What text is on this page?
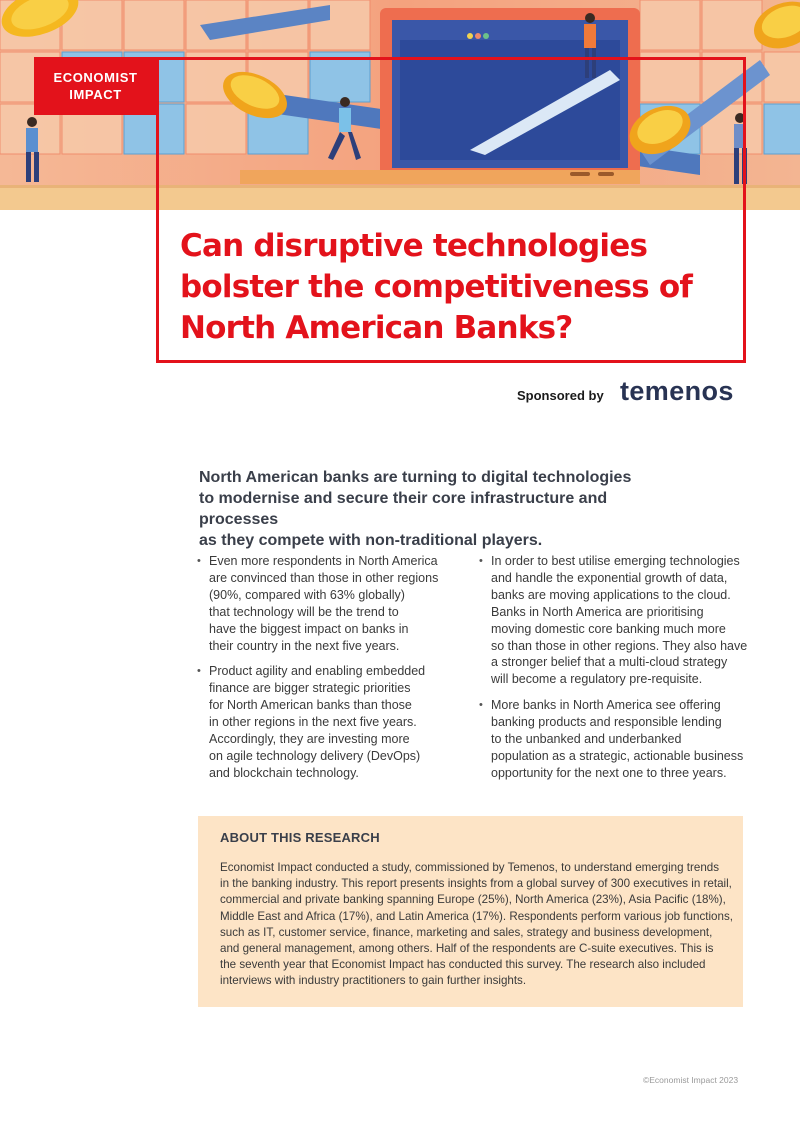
ECONOMIST
IMPACT
Can disruptive technologies
bolster the competitiveness of
North American Banks?
Sponsored by temenos

North American banks are turning to digital technologies
to modernise and secure their core infrastructure and processes
as they compete with non-traditional players.

• Even more respondents in North America
are convinced than those in other regions
(90%, compared with 63% globally)
that technology will be the trend to
have the biggest impact on banks in
their country in the next five years.
• Product agility and enabling embedded
finance are bigger strategic priorities
for North American banks than those
in other regions in the next five years.
Accordingly, they are investing more
on agile technology delivery (DevOps)
and blockchain technology.
• In order to best utilise emerging technologies
and handle the exponential growth of data,
banks are moving applications to the cloud.
Banks in North America are prioritising
moving domestic core banking much more
so than those in other regions. They also have
a stronger belief that a multi-cloud strategy
will become a regulatory pre-requisite.
• More banks in North America see offering
banking products and responsible lending
to the unbanked and underbanked
population as a strategic, actionable business
opportunity for the next one to three years.
ABOUT THIS RESEARCH
Economist Impact conducted a study, commissioned by Temenos, to understand emerging trends
in the banking industry. This report presents insights from a global survey of 300 executives in retail,
commercial and private banking spanning Europe (25%), North America (23%), Asia Pacific (18%),
Middle East and Africa (17%), and Latin America (17%). Respondents perform various job functions,
such as IT, customer service, finance, marketing and sales, strategy and business development,
and general management, among others. Half of the respondents are C-suite executives. This is
the seventh year that Economist Impact has conducted this survey. The research also included
interviews with industry practitioners to gain further insights.
©Economist Impact 2023
